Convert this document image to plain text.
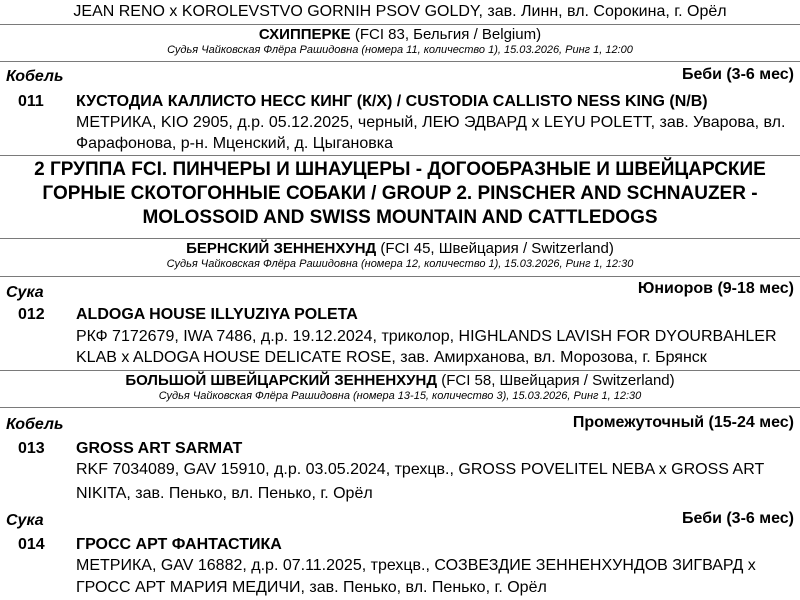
JEAN RENO x KOROLEVSTVO GORNIH PSOV GOLDY, зав. Линн, вл. Сорокина, г. Орёл
СХИППЕРКЕ (FCI 83, Бельгия / Belgium)
Судья Чайковская Флёра Рашидовна (номера 11, количество 1), 15.03.2026, Ринг 1, 12:00
Кобель	Беби (3-6 мес)
011 КУСТОДИА КАЛЛИСТО НЕСС КИНГ (К/Х) / CUSTODIA CALLISTO NESS KING (N/B)
МЕТРИКА, KIO 2905, д.р. 05.12.2025, черный, ЛЕЮ ЭДВАРД x LEYU POLETT, зав. Уварова, вл.
Фарафонова, р-н. Мценский, д. Цыгановка
2 ГРУППА FCI. ПИНЧЕРЫ И ШНАУЦЕРЫ - ДОГООБРАЗНЫЕ И ШВЕЙЦАРСКИЕ
ГОРНЫЕ СКОТОГОННЫЕ СОБАКИ / GROUP 2. PINSCHER AND SCHNAUZER -
MOLOSSOID AND SWISS MOUNTAIN AND CATTLEDOGS
БЕРНСКИЙ ЗЕННЕНХУНД (FCI 45, Швейцария / Switzerland)
Судья Чайковская Флёра Рашидовна (номера 12, количество 1), 15.03.2026, Ринг 1, 12:30
Сука	Юниоров (9-18 мес)
012 ALDOGA HOUSE ILLYUZIYA POLETA
РКФ 7172679, IWA 7486, д.р. 19.12.2024, триколор, HIGHLANDS LAVISH FOR DYOURBAHLER
KLAB x ALDOGA HOUSE DELICATE ROSE, зав. Амирханова, вл. Морозова, г. Брянск
БОЛЬШОЙ ШВЕЙЦАРСКИЙ ЗЕННЕНХУНД (FCI 58, Швейцария / Switzerland)
Судья Чайковская Флёра Рашидовна (номера 13-15, количество 3), 15.03.2026, Ринг 1, 12:30
Кобель	Промежуточный (15-24 мес)
013 GROSS ART SARMAT
RKF 7034089, GAV 15910, д.р. 03.05.2024, трехцв., GROSS POVELITEL NEBA x GROSS ART
NIKITA, зав. Пенько, вл. Пенько, г. Орёл
Сука	Беби (3-6 мес)
014 ГРОСС АРТ ФАНТАСТИКА
МЕТРИКА, GAV 16882, д.р. 07.11.2025, трехцв., СОЗВЕЗДИЕ ЗЕННЕНХУНДОВ ЗИГВАРД x
ГРОСС АРТ МАРИЯ МЕДИЧИ, зав. Пенько, вл. Пенько, г. Орёл
